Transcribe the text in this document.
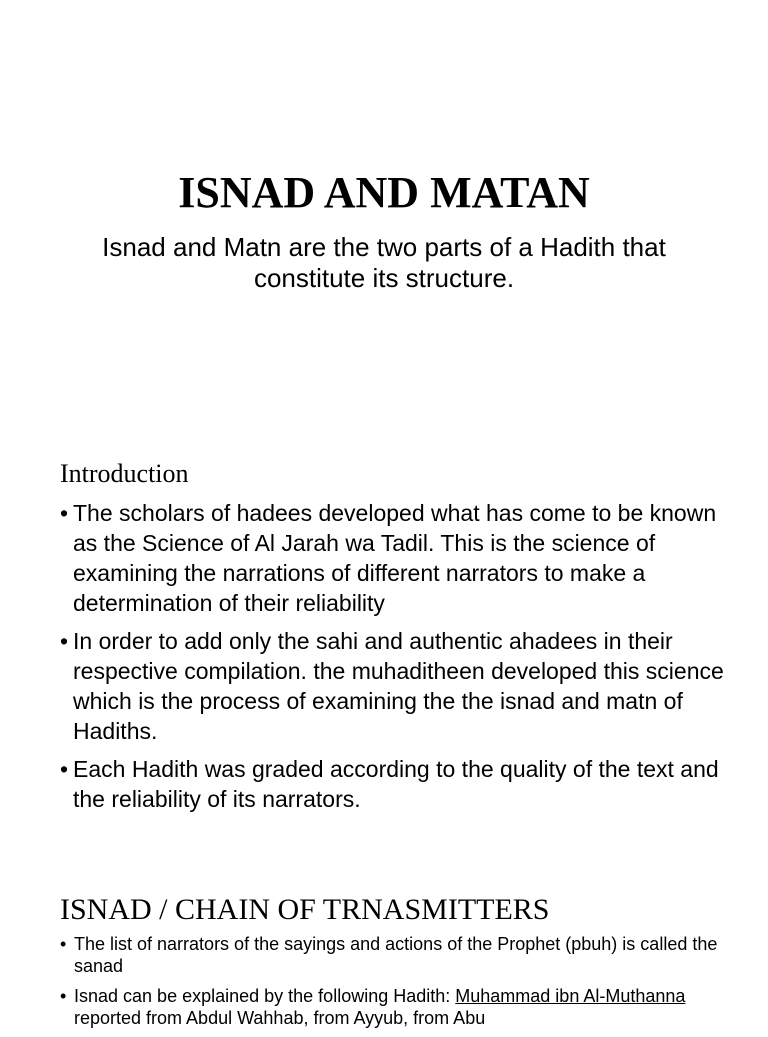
ISNAD AND MATAN

Isnad and Matn are the two parts of a Hadith that constitute its structure.

Introduction
• The scholars of hadees developed what has come to be known as the Science of Al Jarah wa Tadil. This is the science of examining the narrations of different narrators to make a determination of their reliability
• In order to add only the sahi and authentic ahadees in their respective compilation. the muhaditheen developed this science which is the process of examining the the isnad and matn of Hadiths.
• Each Hadith was graded according to the quality of the text and the reliability of its narrators.
ISNAD / CHAIN OF TRNASMITTERS
• The list of narrators of the sayings and actions of the Prophet (pbuh) is called the sanad
• Isnad can be explained by the following Hadith: Muhammad ibn Al-Muthanna reported from Abdul Wahhab, from Ayyub, from Abu
